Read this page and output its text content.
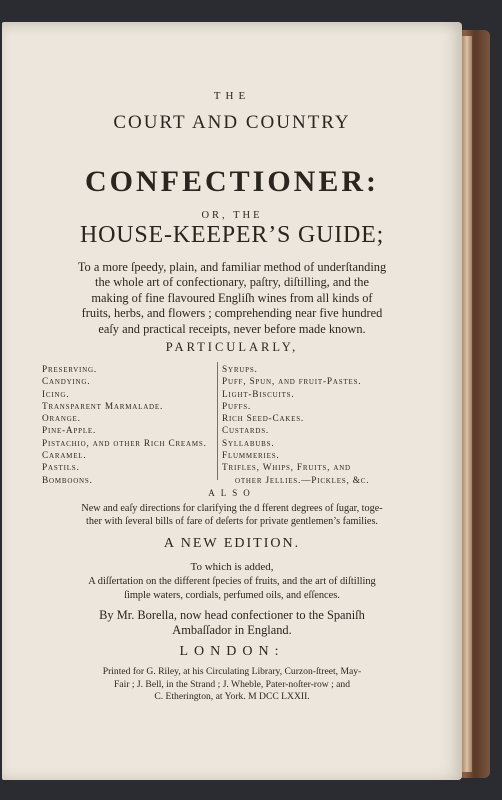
THE
COURT AND COUNTRY
CONFECTIONER:
OR, THE
HOUSE-KEEPER’S GUIDE;
To a more ſpeedy, plain, and familiar method of underſtanding
the whole art of confectionary, paſtry, diſtilling, and the
making of fine flavoured Engliſh wines from all kinds of
fruits, herbs, and flowers ; comprehending near five hundred
eaſy and practical receipts, never before made known.
PARTICULARLY,
Preserving.
Candying.
Icing.
Transparent Marmalade.
Orange.
Pine-Apple.
Pistachio, and other Rich Creams.
Caramel.
Pastils.
Bomboons.
Syrups.
Puff, Spun, and fruit-Pastes.
Light-Biscuits.
Puffs.
Rich Seed-Cakes.
Custards.
Syllabubs.
Flummeries.
Trifles, Whips, Fruits, and
other Jellies.—Pickles, &c.
ALSO
New and eaſy directions for clarifying the d fferent degrees of ſugar, toge-
ther with ſeveral bills of fare of deſerts for private gentlemen’s families.
A NEW EDITION.
To which is added,
A diſſertation on the different ſpecies of fruits, and the art of diſtilling
ſimple waters, cordials, perfumed oils, and eſſences.
By Mr. Borella, now head confectioner to the Spaniſh
Ambaſſador in England.
LONDON:
Printed for G. Riley, at his Circulating Library, Curzon-ſtreet, May-
Fair ; J. Bell, in the Strand ; J. Wheble, Pater-noſter-row ; and
C. Etherington, at York. M DCC LXXII.
